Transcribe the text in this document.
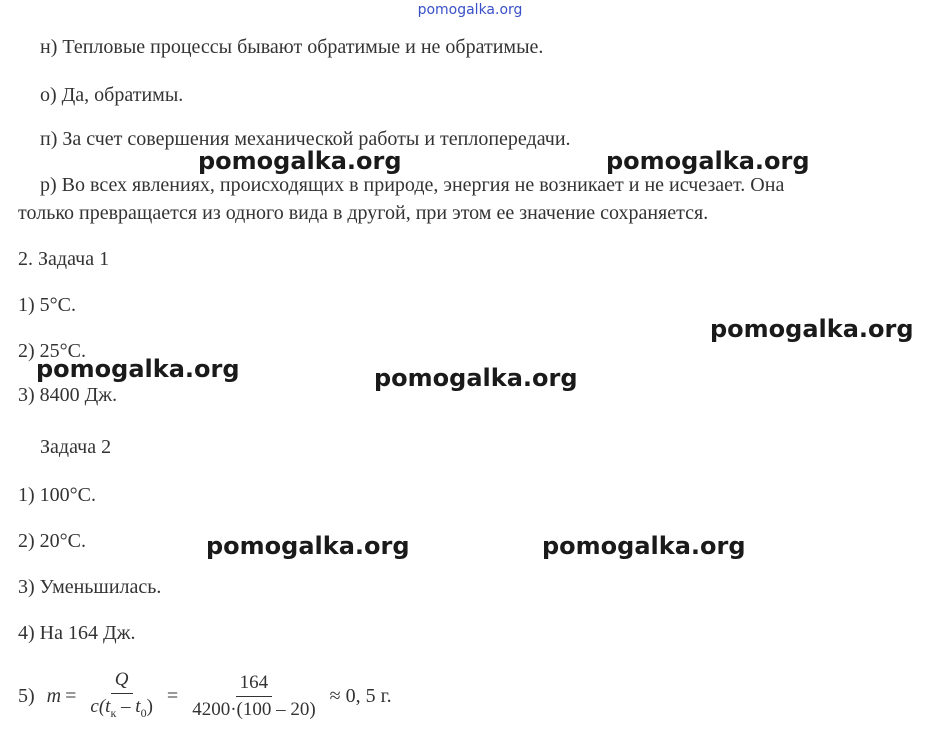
pomogalka.org
н) Тепловые процессы бывают обратимые и не обратимые.
о) Да, обратимы.
п) За счет совершения механической работы и теплопередачи.
р) Во всех явлениях, происходящих в природе, энергия не возникает и не исчезает. Она
только превращается из одного вида в другой, при этом ее значение сохраняется.
2. Задача 1
1) 5°С.
2) 25°С.
3) 8400 Дж.
Задача 2
1) 100°С.
2) 20°С.
3) Уменьшилась.
4) На 164 Дж.
5) $m = \frac{Q}{c(t_к - t_0)} = \frac{164}{4200\cdot(100 - 20)} \approx 0$, 5 г.
pomogalka.org	pomogalka.org
pomogalka.org
pomogalka.org	pomogalka.org
pomogalka.org	pomogalka.org
